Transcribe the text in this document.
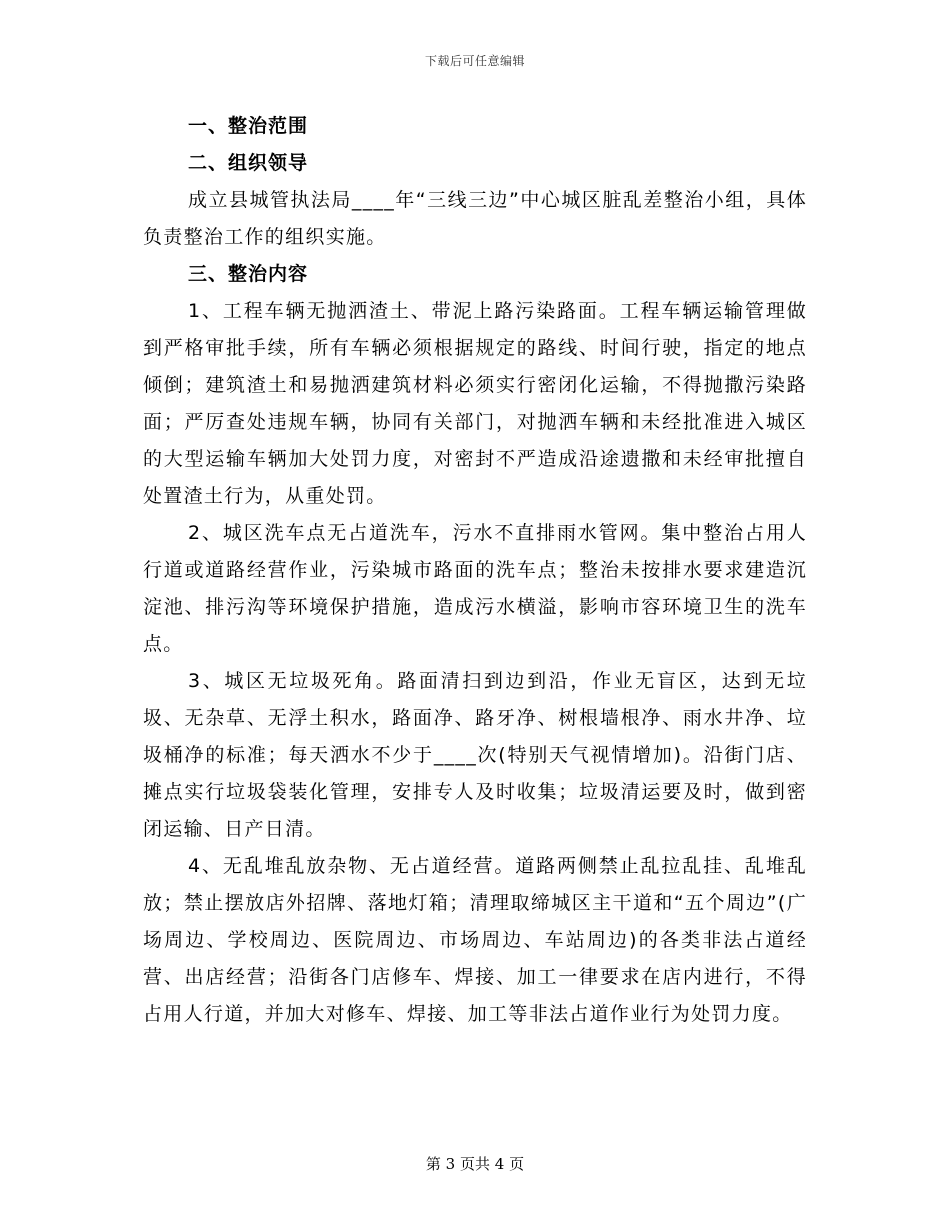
下载后可任意编辑

一、整治范围

二、组织领导

成立县城管执法局____年“三线三边”中心城区脏乱差整治小组，具体负责整治工作的组织实施。

三、整治内容

1、工程车辆无抛洒渣土、带泥上路污染路面。工程车辆运输管理做到严格审批手续，所有车辆必须根据规定的路线、时间行驶，指定的地点倾倒；建筑渣土和易抛洒建筑材料必须实行密闭化运输，不得抛撒污染路面；严厉查处违规车辆，协同有关部门，对抛洒车辆和未经批准进入城区的大型运输车辆加大处罚力度，对密封不严造成沿途遗撒和未经审批擅自处置渣土行为，从重处罚。

2、城区洗车点无占道洗车，污水不直排雨水管网。集中整治占用人行道或道路经营作业，污染城市路面的洗车点；整治未按排水要求建造沉淀池、排污沟等环境保护措施，造成污水横溢，影响市容环境卫生的洗车点。

3、城区无垃圾死角。路面清扫到边到沿，作业无盲区，达到无垃圾、无杂草、无浮土积水，路面净、路牙净、树根墙根净、雨水井净、垃圾桶净的标准；每天洒水不少于____次(特别天气视情增加)。沿街门店、摊点实行垃圾袋装化管理，安排专人及时收集；垃圾清运要及时，做到密闭运输、日产日清。

4、无乱堆乱放杂物、无占道经营。道路两侧禁止乱拉乱挂、乱堆乱放；禁止摆放店外招牌、落地灯箱；清理取缔城区主干道和“五个周边”(广场周边、学校周边、医院周边、市场周边、车站周边)的各类非法占道经营、出店经营；沿街各门店修车、焊接、加工一律要求在店内进行，不得占用人行道，并加大对修车、焊接、加工等非法占道作业行为处罚力度。

第 3 页共 4 页
